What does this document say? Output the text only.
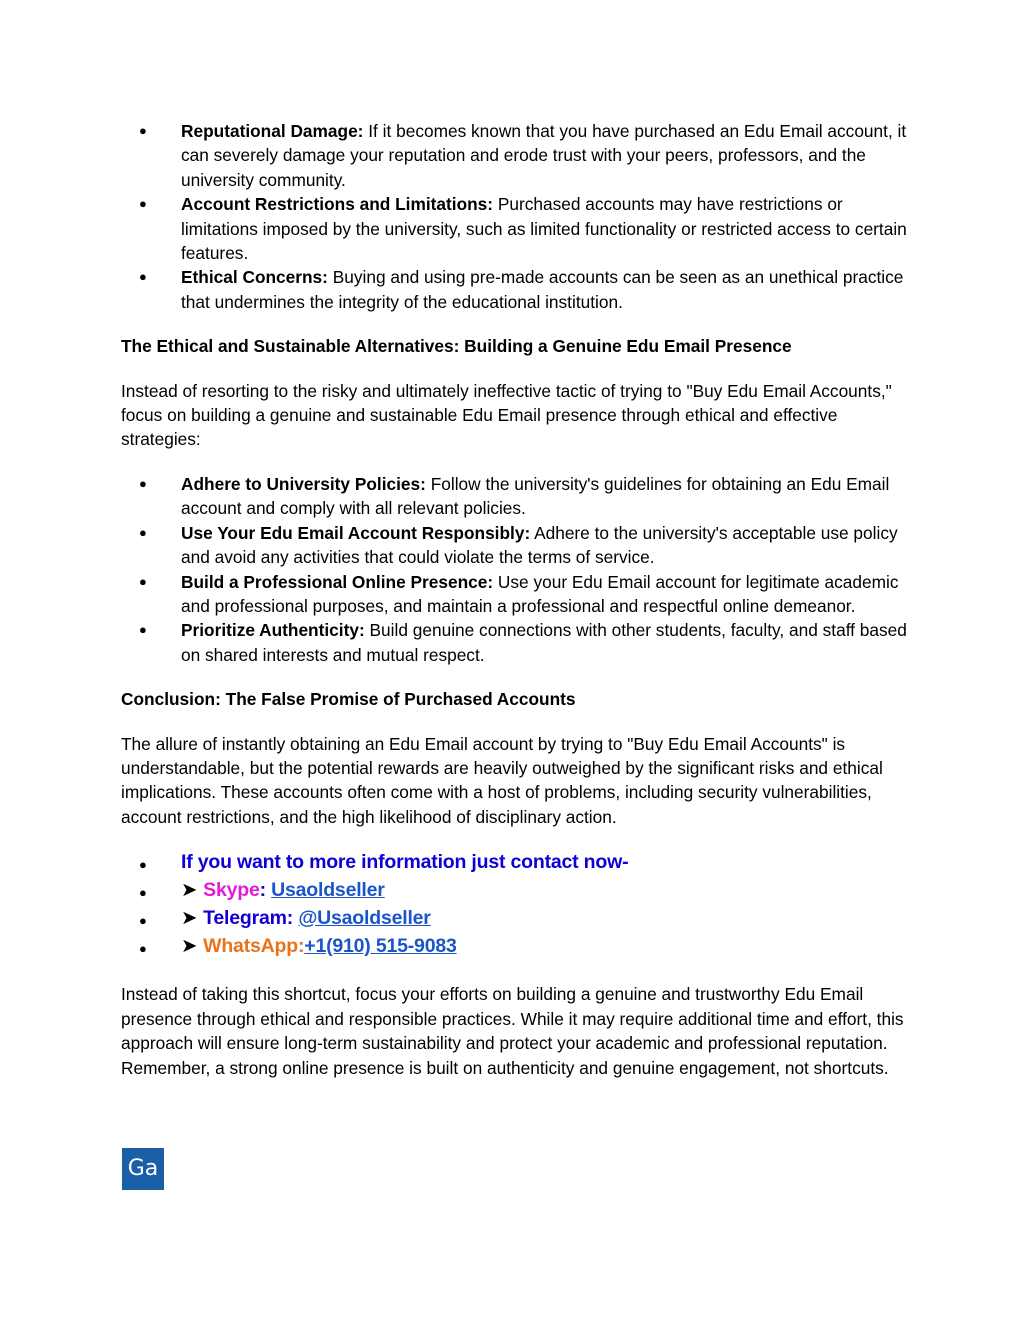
● Reputational Damage: If it becomes known that you have purchased an Edu Email account, it can severely damage your reputation and erode trust with your peers, professors, and the university community.
● Account Restrictions and Limitations: Purchased accounts may have restrictions or limitations imposed by the university, such as limited functionality or restricted access to certain features.
● Ethical Concerns: Buying and using pre-made accounts can be seen as an unethical practice that undermines the integrity of the educational institution.
The Ethical and Sustainable Alternatives: Building a Genuine Edu Email Presence

Instead of resorting to the risky and ultimately ineffective tactic of trying to "Buy Edu Email Accounts," focus on building a genuine and sustainable Edu Email presence through ethical and effective strategies:

● Adhere to University Policies: Follow the university's guidelines for obtaining an Edu Email account and comply with all relevant policies.
● Use Your Edu Email Account Responsibly: Adhere to the university's acceptable use policy and avoid any activities that could violate the terms of service.
● Build a Professional Online Presence: Use your Edu Email account for legitimate academic and professional purposes, and maintain a professional and respectful online demeanor.
● Prioritize Authenticity: Build genuine connections with other students, faculty, and staff based on shared interests and mutual respect.
Conclusion: The False Promise of Purchased Accounts

The allure of instantly obtaining an Edu Email account by trying to "Buy Edu Email Accounts" is understandable, but the potential rewards are heavily outweighed by the significant risks and ethical implications. These accounts often come with a host of problems, including security vulnerabilities, account restrictions, and the high likelihood of disciplinary action.

● If you want to more information just contact now-
● ➤ Skype: Usaoldseller
● ➤ Telegram: @Usaoldseller
● ➤ WhatsApp:+1(910) 515-9083

Instead of taking this shortcut, focus your efforts on building a genuine and trustworthy Edu Email presence through ethical and responsible practices. While it may require additional time and effort, this approach will ensure long-term sustainability and protect your academic and professional reputation. Remember, a strong online presence is built on authenticity and genuine engagement, not shortcuts.

Ga
